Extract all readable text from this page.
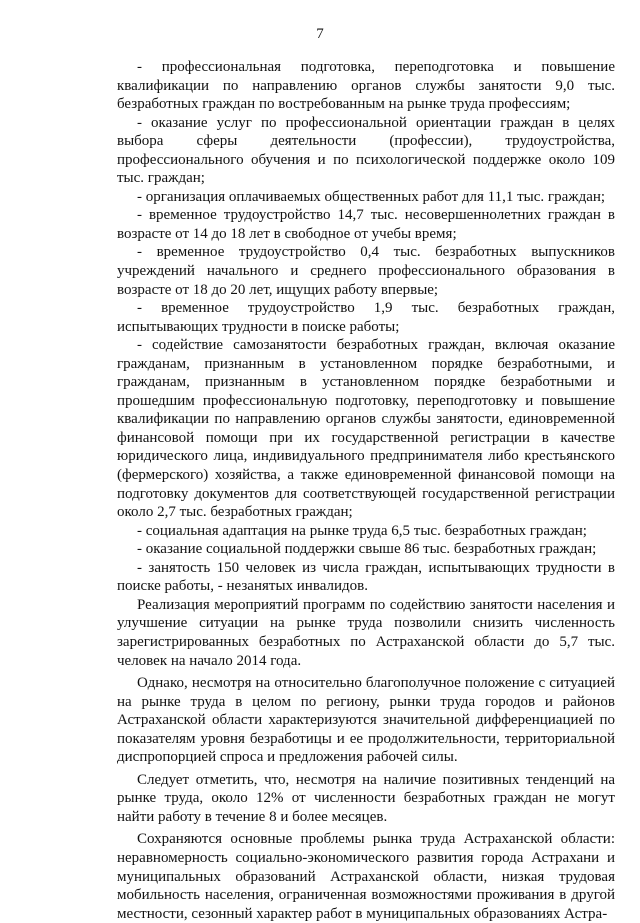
7

- профессиональная подготовка, переподготовка и повышение квалификации по направлению органов службы занятости 9,0 тыс. безработных граждан по востребованным на рынке труда профессиям;

- оказание услуг по профессиональной ориентации граждан в целях выбора сферы деятельности (профессии), трудоустройства, профессионального обучения и по психологической поддержке около 109 тыс. граждан;

- организация оплачиваемых общественных работ для 11,1 тыс. граждан;

- временное трудоустройство 14,7 тыс. несовершеннолетних граждан в возрасте от 14 до 18 лет в свободное от учебы время;

- временное трудоустройство 0,4 тыс. безработных выпускников учреждений начального и среднего профессионального образования в возрасте от 18 до 20 лет, ищущих работу впервые;

- временное трудоустройство 1,9 тыс. безработных граждан, испытывающих трудности в поиске работы;

- содействие самозанятости безработных граждан, включая оказание гражданам, признанным в установленном порядке безработными, и гражданам, признанным в установленном порядке безработными и прошедшим профессиональную подготовку, переподготовку и повышение квалификации по направлению органов службы занятости, единовременной финансовой помощи при их государственной регистрации в качестве юридического лица, индивидуального предпринимателя либо крестьянского (фермерского) хозяйства, а также единовременной финансовой помощи на подготовку документов для соответствующей государственной регистрации около 2,7 тыс. безработных граждан;

- социальная адаптация на рынке труда 6,5 тыс. безработных граждан;

- оказание социальной поддержки свыше 86 тыс. безработных граждан;

- занятость 150 человек из числа граждан, испытывающих трудности в поиске работы, - незанятых инвалидов.

Реализация мероприятий программ по содействию занятости населения и улучшение ситуации на рынке труда позволили снизить численность зарегистрированных безработных по Астраханской области до 5,7 тыс. человек на начало 2014 года.

Однако, несмотря на относительно благополучное положение с ситуацией на рынке труда в целом по региону, рынки труда городов и районов Астраханской области характеризуются значительной дифференциацией по показателям уровня безработицы и ее продолжительности, территориальной диспропорцией спроса и предложения рабочей силы.

Следует отметить, что, несмотря на наличие позитивных тенденций на рынке труда, около 12% от численности безработных граждан не могут найти работу в течение 8 и более месяцев.

Сохраняются основные проблемы рынка труда Астраханской области: неравномерность социально-экономического развития города Астрахани и муниципальных образований Астраханской области, низкая трудовая мобильность населения, ограниченная возможностями проживания в другой местности, сезонный характер работ в муниципальных образованиях Астра-
